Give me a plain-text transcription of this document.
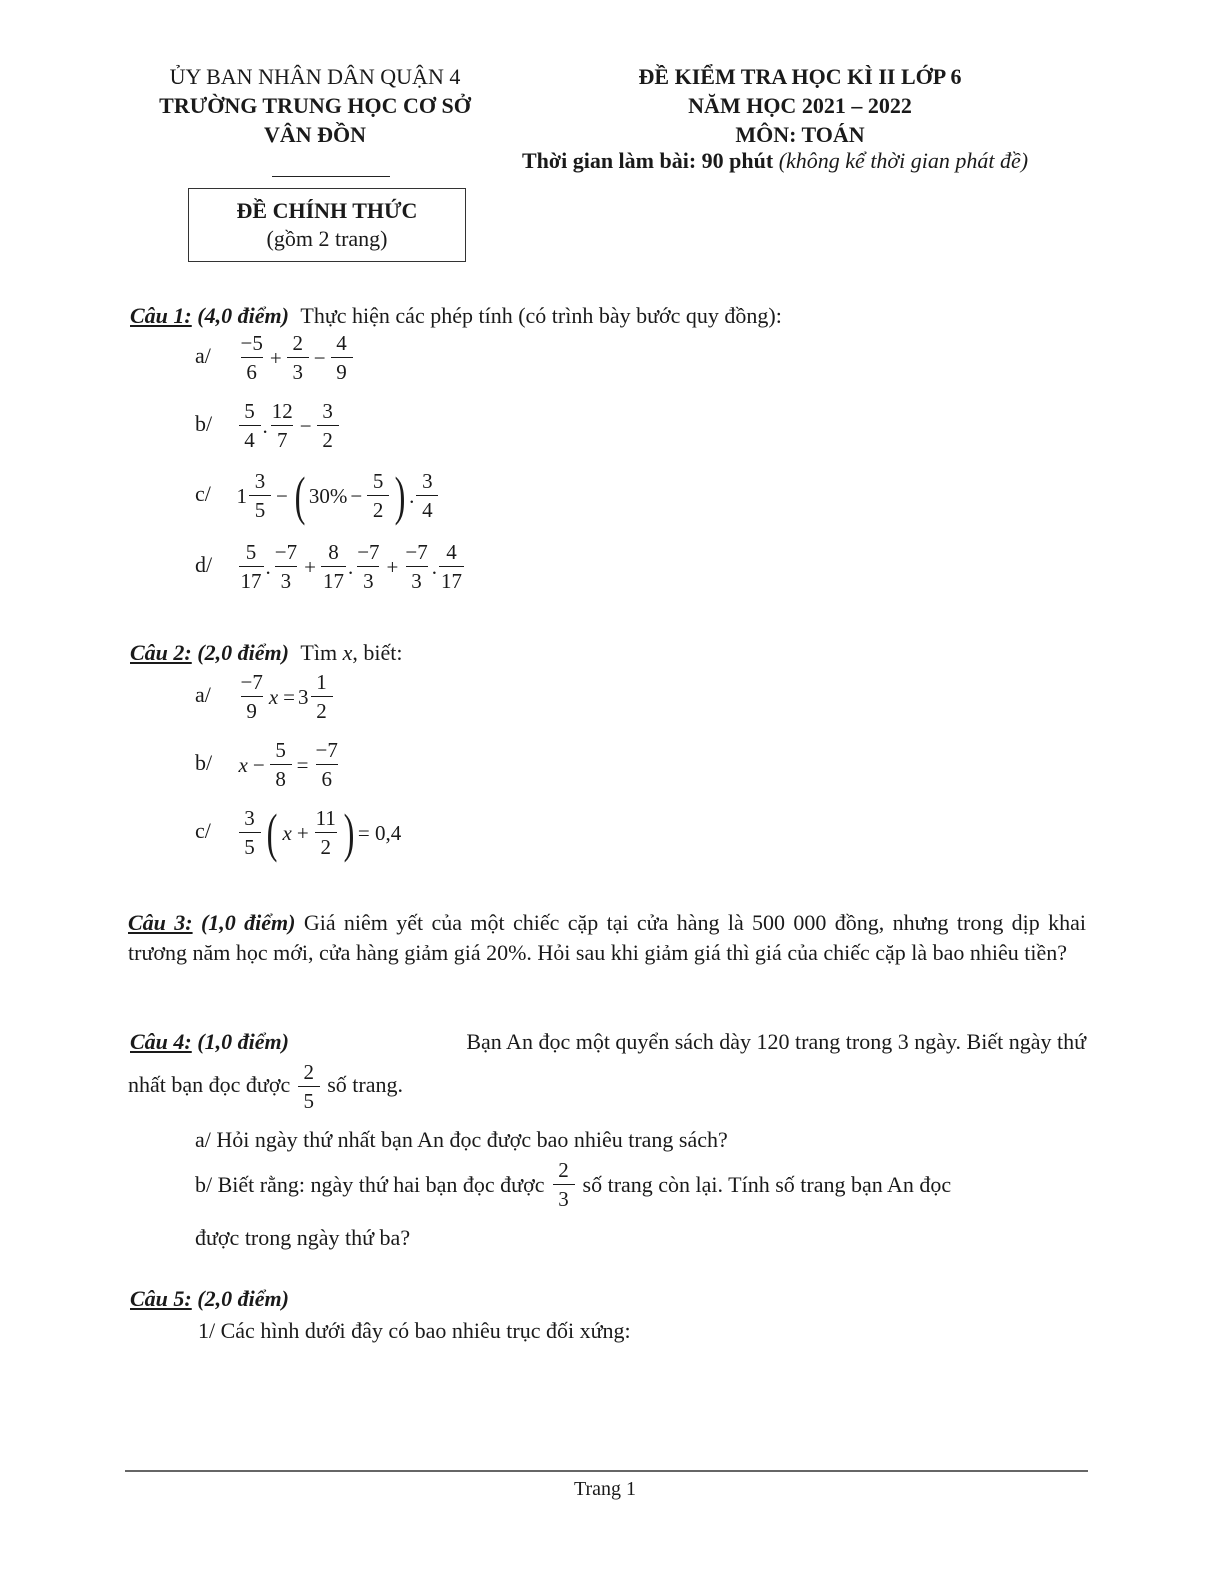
ỦY BAN NHÂN DÂN QUẬN 4
TRƯỜNG TRUNG HỌC CƠ SỞ
VÂN ĐỒN
ĐỀ KIỂM TRA HỌC KÌ II LỚP 6
NĂM HỌC 2021 – 2022
MÔN: TOÁN
Thời gian làm bài: 90 phút (không kể thời gian phát đề)
ĐỀ CHÍNH THỨC
(gồm 2 trang)
Câu 1: (4,0 điểm) Thực hiện các phép tính (có trình bày bước quy đồng):
$a/ \frac{-5}{6} + \frac{2}{3} - \frac{4}{9}$
$b/ \frac{5}{4}$ . $\frac{12}{7} - \frac{3}{2}$
c/ $1 \frac{3}{5}$ − ( $30\% - \frac{5}{2}$ ) . $\frac{3}{4}$
$d/ \frac{5}{17}$ . $\frac{-7}{3} + \frac{8}{17}$ . $\frac{-7}{3} + \frac{-7}{3}$ . $\frac{4}{17}$
Câu 2: (2,0 điểm) Tìm x, biết:
$a/ \frac{-7}{9}$ $x = 3 \frac{1}{2}$
b/ $x - \frac{5}{8} = \frac{-7}{6}$
$c/ \frac{3}{5}$ ( $x + \frac{11}{2}$ ) = 0,4
Câu 3: (1,0 điểm) Giá niêm yết của một chiếc cặp tại cửa hàng là 500 000 đồng, nhưng trong dịp khai trương năm học mới, cửa hàng giảm giá 20%. Hỏi sau khi giảm giá thì giá của chiếc cặp là bao nhiêu tiền?
Câu 4: (1,0 điểm)	Bạn An đọc một quyển sách dày 120 trang trong 3 ngày. Biết ngày thứ
nhất bạn đọc được $\frac{2}{5}$ số trang.
a/ Hỏi ngày thứ nhất bạn An đọc được bao nhiêu trang sách?
b/ Biết rằng: ngày thứ hai bạn đọc được $\frac{2}{3}$ số trang còn lại. Tính số trang bạn An đọc
được trong ngày thứ ba?
Câu 5: (2,0 điểm)
1/ Các hình dưới đây có bao nhiêu trục đối xứng:
Trang 1
